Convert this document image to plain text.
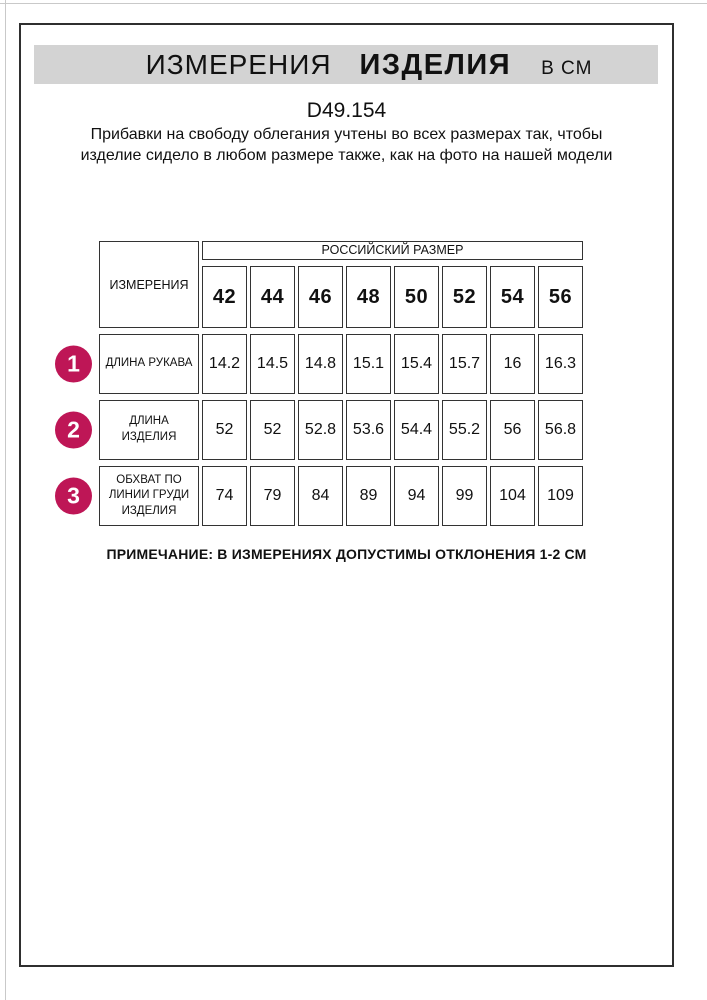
ИЗМЕРЕНИЯ ИЗДЕЛИЯ В СМ
D49.154
Прибавки на свободу облегания учтены во всех размерах так, чтобы изделие сидело в любом размере также, как на фото на нашей модели
ИЗМЕРЕНИЯ	РОССИЙСКИЙ РАЗМЕР							
	42	44	46	48	50	52	54	56

1 ДЛИНА РУКАВА	14.2	14.5	14.8	15.1	15.4	15.7	16	16.3

2 ДЛИНА ИЗДЕЛИЯ	52	52	52.8	53.6	54.4	55.2	56	56.8

3
ОБХВАТ ПО ЛИНИИ ГРУДИ ИЗДЕЛИЯ	74	79	84	89	94	99	104	109
ПРИМЕЧАНИЕ: В ИЗМЕРЕНИЯХ ДОПУСТИМЫ ОТКЛОНЕНИЯ 1-2 СМ
